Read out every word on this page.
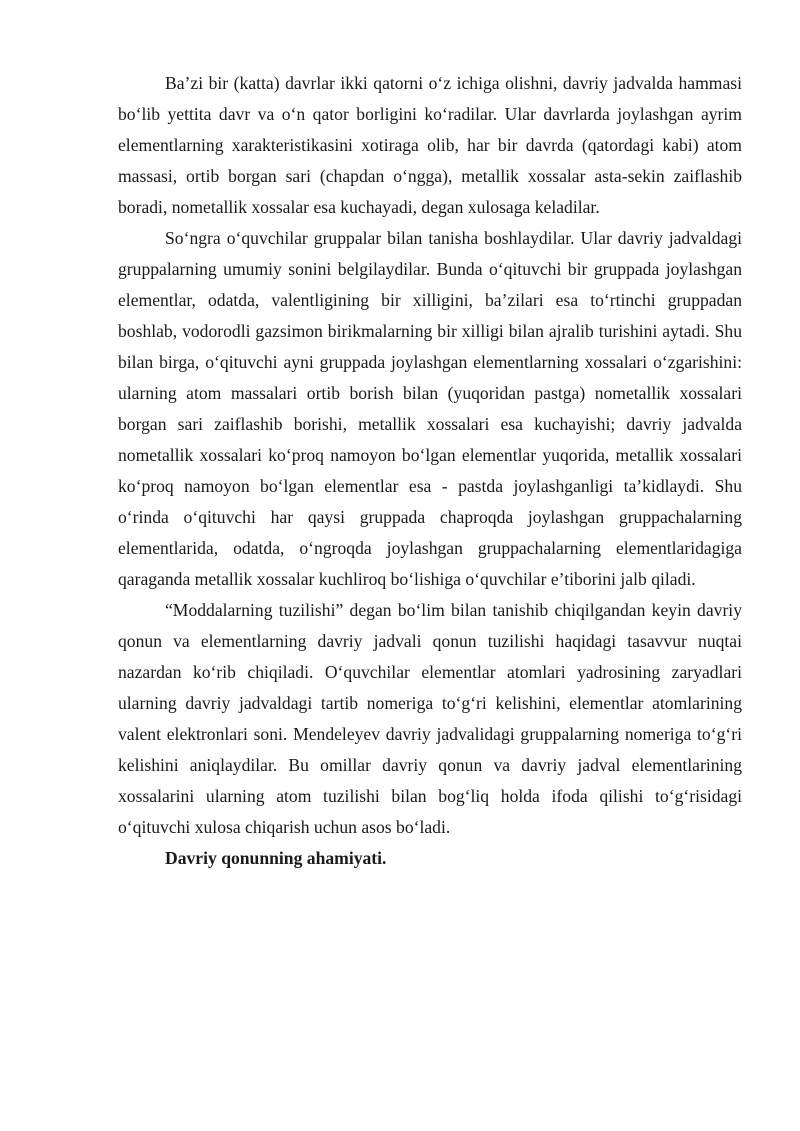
Ba’zi bir (katta) davrlar ikki qatorni o‘z ichiga olishni, davriy jadvalda hammasi bo‘lib yettita davr va o‘n qator borligini ko‘radilar. Ular davrlarda joylashgan ayrim elementlarning xarakteristikasini xotiraga olib, har bir davrda (qatordagi kabi) atom massasi, ortib borgan sari (chapdan o‘ngga), metallik xossalar asta-sekin zaiflashib boradi, nometallik xossalar esa kuchayadi, degan xulosaga keladilar.

So‘ngra o‘quvchilar gruppalar bilan tanisha boshlaydilar. Ular davriy jadvaldagi gruppalarning umumiy sonini belgilaydilar. Bunda o‘qituvchi bir gruppada joylashgan elementlar, odatda, valentligining bir xilligini, ba’zilari esa to‘rtinchi gruppadan boshlab, vodorodli gazsimon birikmalarning bir xilligi bilan ajralib turishini aytadi. Shu bilan birga, o‘qituvchi ayni gruppada joylashgan elementlarning xossalari o‘zgarishini: ularning atom massalari ortib borish bilan (yuqoridan pastga) nometallik xossalari borgan sari zaiflashib borishi, metallik xossalari esa kuchayishi; davriy jadvalda nometallik xossalari ko‘proq namoyon bo‘lgan elementlar yuqorida, metallik xossalari ko‘proq namoyon bo‘lgan elementlar esa - pastda joylashganligi ta’kidlaydi. Shu o‘rinda o‘qituvchi har qaysi gruppada chaproqda joylashgan gruppachalarning elementlarida, odatda, o‘ngroqda joylashgan gruppachalarning elementlaridagiga qaraganda metallik xossalar kuchliroq bo‘lishiga o‘quvchilar e’tiborini jalb qiladi.

“Moddalarning tuzilishi” degan bo‘lim bilan tanishib chiqilgandan keyin davriy qonun va elementlarning davriy jadvali qonun tuzilishi haqidagi tasavvur nuqtai nazardan ko‘rib chiqiladi. O‘quvchilar elementlar atomlari yadrosining zaryadlari ularning davriy jadvaldagi tartib nomeriga to‘g‘ri kelishini, elementlar atomlarining valent elektronlari soni. Mendeleyev davriy jadvalidagi gruppalarning nomeriga to‘g‘ri kelishini aniqlaydilar. Bu omillar davriy qonun va davriy jadval elementlarining xossalarini ularning atom tuzilishi bilan bog‘liq holda ifoda qilishi to‘g‘risidagi o‘qituvchi xulosa chiqarish uchun asos bo‘ladi.

Davriy qonunning ahamiyati.
